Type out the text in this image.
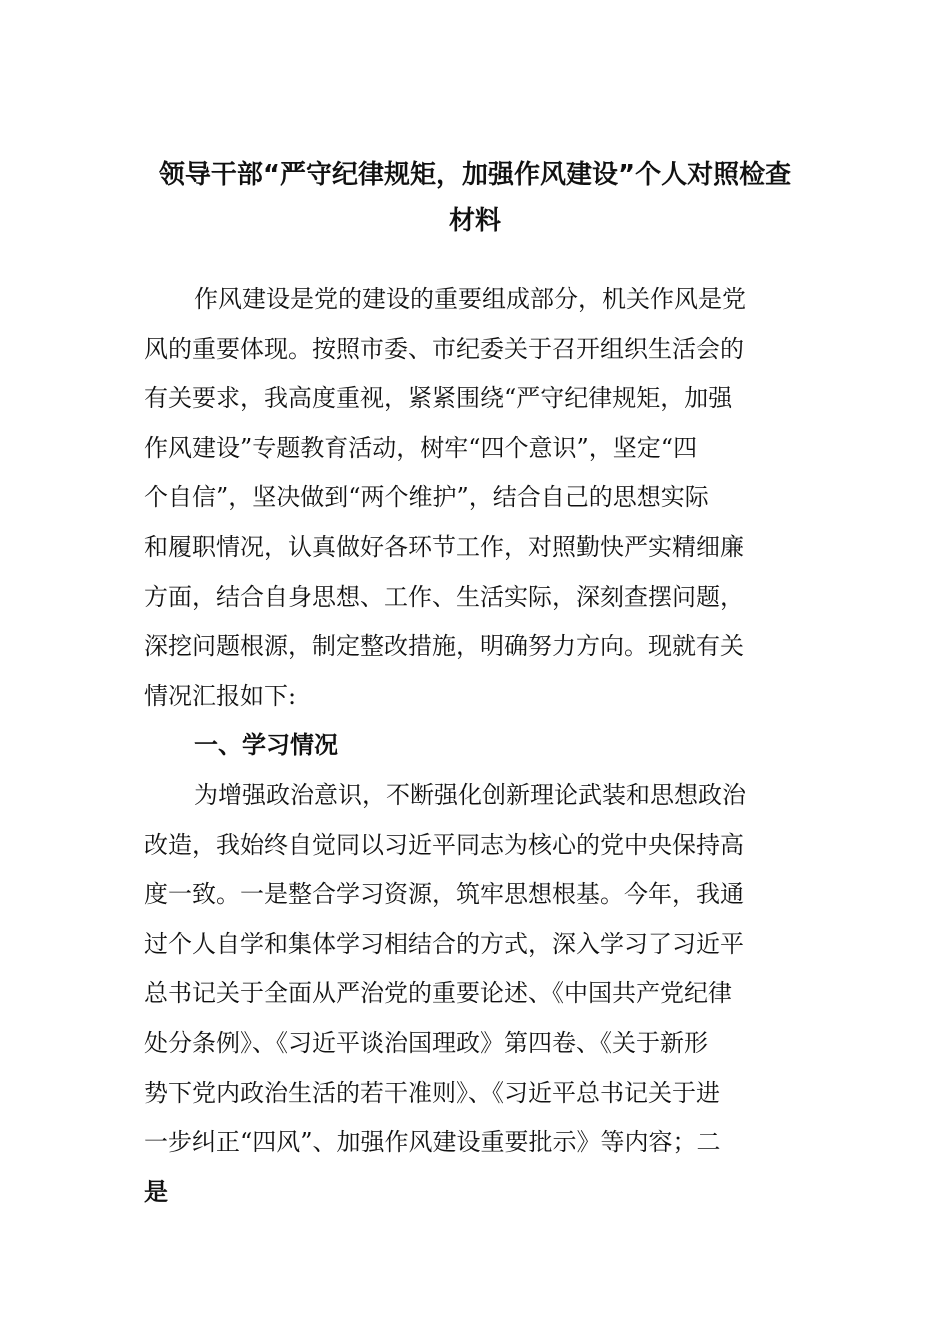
领导干部“严守纪律规矩，加强作风建设”个人对照检查
材料
作风建设是党的建设的重要组成部分，机关作风是党
风的重要体现。按照市委、市纪委关于召开组织生活会的
有关要求，我高度重视，紧紧围绕“严守纪律规矩，加强
作风建设”专题教育活动，树牢“四个意识”，坚定“四
个自信”，坚决做到“两个维护”，结合自己的思想实际
和履职情况，认真做好各环节工作，对照勤快严实精细廉
方面，结合自身思想、工作、生活实际，深刻查摆问题，
深挖问题根源，制定整改措施，明确努力方向。现就有关
情况汇报如下:
一、学习情况
为增强政治意识，不断强化创新理论武装和思想政治
改造，我始终自觉同以习近平同志为核心的党中央保持高
度一致。一是整合学习资源，筑牢思想根基。今年，我通
过个人自学和集体学习相结合的方式，深入学习了习近平
总书记关于全面从严治党的重要论述、《中国共产党纪律
处分条例》、《习近平谈治国理政》第四卷、《关于新形
势下党内政治生活的若干准则》、《习近平总书记关于进
一步纠正“四风”、加强作风建设重要批示》等内容；二
是
